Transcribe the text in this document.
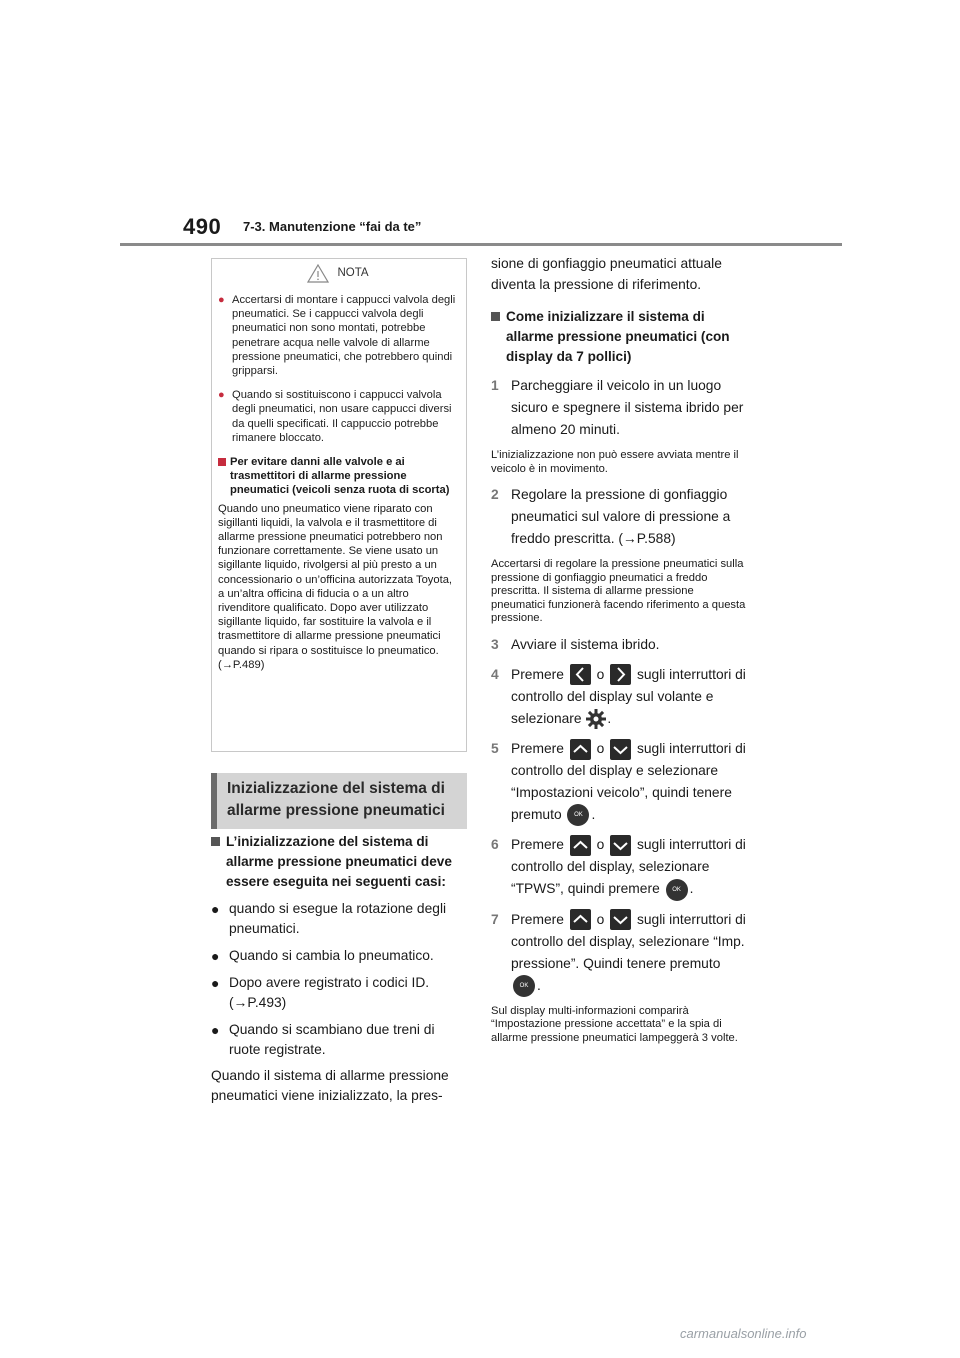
490 7-3. Manutenzione “fai da te”
NOTA
● Accertarsi di montare i cappucci valvola degli pneumatici. Se i cappucci valvola degli pneumatici non sono montati, potrebbe penetrare acqua nelle valvole di allarme pressione pneumatici, che potrebbero quindi gripparsi.
● Quando si sostituiscono i cappucci valvola degli pneumatici, non usare cappucci diversi da quelli specificati. Il cappuccio potrebbe rimanere bloccato.
Per evitare danni alle valvole e ai trasmettitori di allarme pressione pneumatici (veicoli senza ruota di scorta)
Quando uno pneumatico viene riparato con sigillanti liquidi, la valvola e il trasmettitore di allarme pressione pneumatici potrebbero non funzionare correttamente. Se viene usato un sigillante liquido, rivolgersi al più presto a un concessionario o un’officina autorizzata Toyota, a un’altra officina di fiducia o a un altro rivenditore qualificato. Dopo aver utilizzato sigillante liquido, far sostituire la valvola e il trasmettitore di allarme pressione pneumatici quando si ripara o sostituisce lo pneumatico. (→P.489)
Inizializzazione del sistema di allarme pressione pneumatici
L’inizializzazione del sistema di allarme pressione pneumatici deve essere eseguita nei seguenti casi:
● quando si esegue la rotazione degli pneumatici.
● Quando si cambia lo pneumatico.
● Dopo avere registrato i codici ID. (→P.493)
● Quando si scambiano due treni di ruote registrate.
Quando il sistema di allarme pressione pneumatici viene inizializzato, la pres-
sione di gonfiaggio pneumatici attuale diventa la pressione di riferimento.
Come inizializzare il sistema di allarme pressione pneumatici (con display da 7 pollici)
1 Parcheggiare il veicolo in un luogo sicuro e spegnere il sistema ibrido per almeno 20 minuti.
L’inizializzazione non può essere avviata mentre il veicolo è in movimento.
2 Regolare la pressione di gonfiaggio pneumatici sul valore di pressione a freddo prescritta. (→P.588)
Accertarsi di regolare la pressione pneumatici sulla pressione di gonfiaggio pneumatici a freddo prescritta. Il sistema di allarme pressione pneumatici funzionerà facendo riferimento a questa pressione.
3 Avviare il sistema ibrido.
4 Premere o sugli interruttori di controllo del display sul volante e selezionare .
5 Premere o sugli interruttori di controllo del display e selezionare “Impostazioni veicolo”, quindi tenere premuto OK .
6 Premere o sugli interruttori di controllo del display, selezionare “TPWS”, quindi premere OK .
7 Premere o sugli interruttori di controllo del display, selezionare “Imp. pressione”. Quindi tenere premuto OK .
Sul display multi-informazioni comparirà “Impostazione pressione accettata” e la spia di allarme pressione pneumatici lampeggerà 3 volte.
carmanualsonline.info
